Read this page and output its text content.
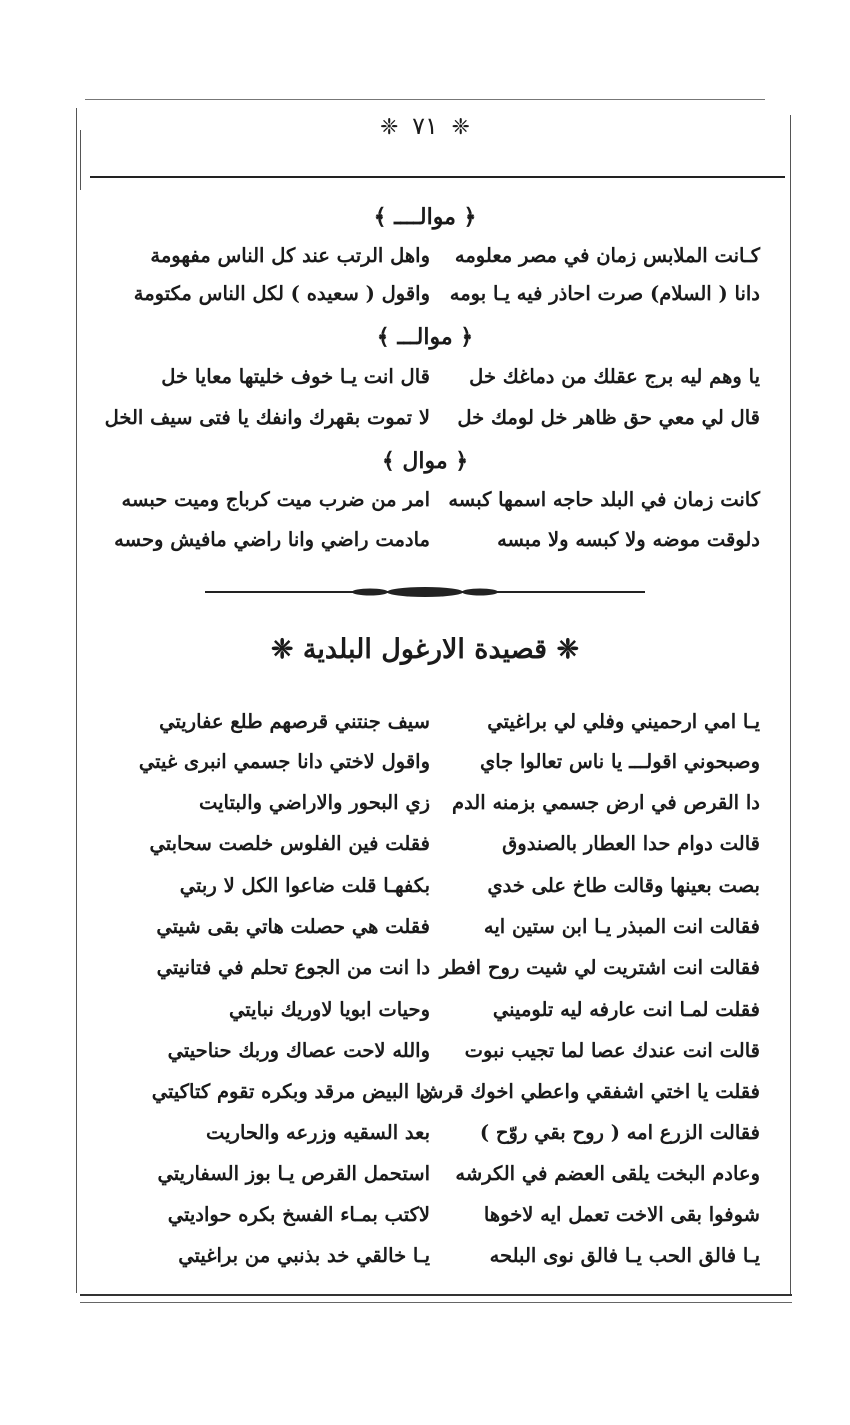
❈ ٧١ ❈
﴿ موالــــ ﴾
كـانت الملابس زمان في مصر معلومه
واهل الرتب عند كل الناس مفهومة
دانا ( السلام) صرت احاذر فيه يـا بومه
واقول ( سعيده ) لكل الناس مكتومة
﴿ موالـــ ﴾
يا وهم ليه برج عقلك من دماغك خل
قال انت يـا خوف خليتها معايا خل
قال لي معي حق ظاهر خل لومك خل
لا تموت بقهرك وانفك يا فتى سيف الخل
﴿ موال ﴾
كانت زمان في البلد حاجه اسمها كبسه
امر من ضرب ميت كرباج وميت حبسه
دلوقت موضه ولا كبسه ولا مبسه
مادمت راضي وانا راضي مافيش وحسه
❈ قصيدة الارغول البلدية ❈
يـا امي ارحميني وفلي لي براغيتي
سيف جنتني قرصهم طلع عفاريتي
وصبحوني اقولـــ يا ناس تعالوا جاي
واقول لاختي دانا جسمي انبرى غيتي
دا القرص في ارض جسمي بزمنه الدم
زي البحور والاراضي والبتايت
قالت دوام حدا العطار بالصندوق
فقلت فين الفلوس خلصت سحابتي
بصت بعينها وقالت طاخ على خدي
بكفهـا قلت ضاعوا الكل لا ربتي
فقالت انت المبذر يـا ابن ستين ايه
فقلت هي حصلت هاتي بقى شيتي
فقالت انت اشتريت لي شيت روح افطر
دا انت من الجوع تحلم في فتانيتي
فقلت لمـا انت عارفه ليه تلوميني
وحيات ابويا لاوريك نبايتي
قالت انت عندك عصا لما تجيب نبوت
والله لاحت عصاك وربك حناحيتي
فقلت يا اختي اشفقي واعطي اخوك قرش
دا البيض مرقد وبكره تقوم كتاكيتي
فقالت الزرع امه ( روح بقي روّح )
بعد السقيه وزرعه والحاريت
وعادم البخت يلقى العضم في الكرشه
استحمل القرص يـا بوز السفاريتي
شوفوا بقى الاخت تعمل ايه لاخوها
لاكتب بمـاء الفسخ بكره حواديتي
يـا فالق الحب يـا فالق نوى البلحه
يـا خالقي خد بذنبي من براغيتي
